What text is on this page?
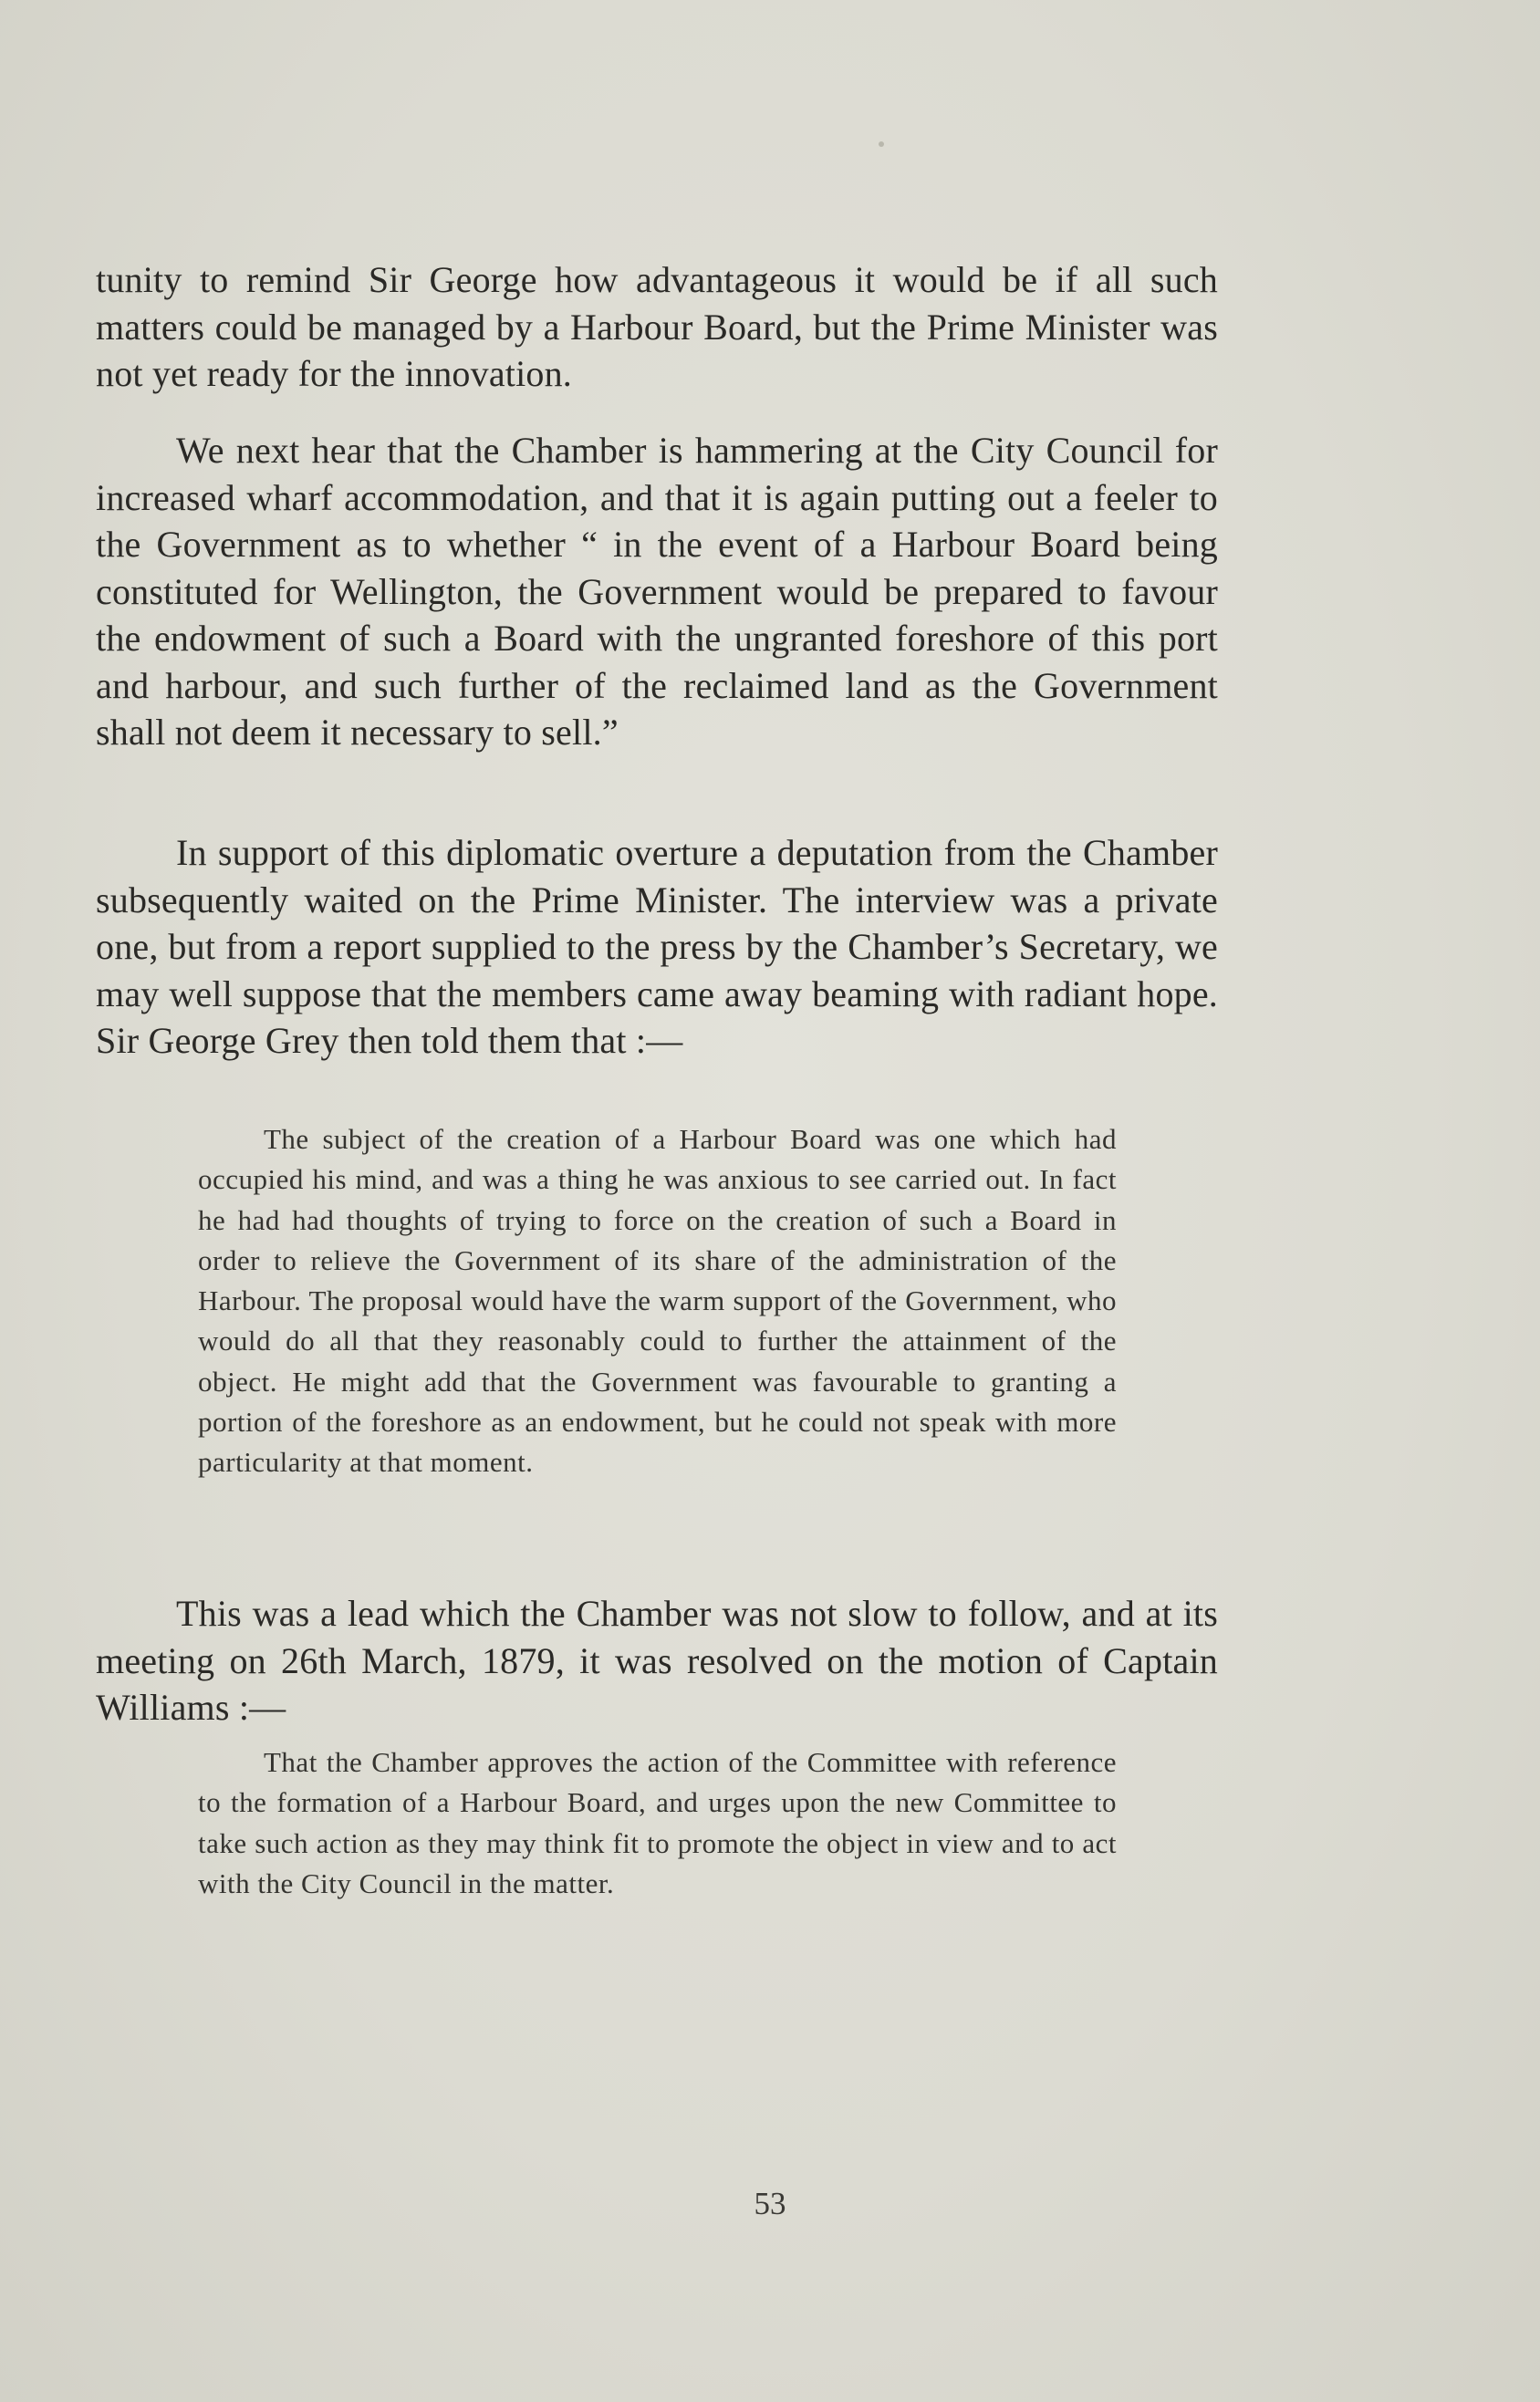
tunity to remind Sir George how advantageous it would be if all such matters could be managed by a Harbour Board, but the Prime Minister was not yet ready for the innovation.

We next hear that the Chamber is hammering at the City Council for increased wharf accommodation, and that it is again putting out a feeler to the Government as to whether “ in the event of a Harbour Board being constituted for Wellington, the Government would be prepared to favour the endowment of such a Board with the ungranted foreshore of this port and harbour, and such further of the reclaimed land as the Government shall not deem it necessary to sell.”

In support of this diplomatic overture a deputation from the Chamber subsequently waited on the Prime Minister. The interview was a private one, but from a report supplied to the press by the Chamber’s Secretary, we may well suppose that the members came away beaming with radiant hope. Sir George Grey then told them that :—

The subject of the creation of a Harbour Board was one which had occupied his mind, and was a thing he was anxious to see carried out. In fact he had had thoughts of trying to force on the creation of such a Board in order to relieve the Government of its share of the administration of the Harbour. The proposal would have the warm support of the Government, who would do all that they reasonably could to further the attainment of the object. He might add that the Government was favourable to granting a portion of the foreshore as an endowment, but he could not speak with more particularity at that moment.

This was a lead which the Chamber was not slow to follow, and at its meeting on 26th March, 1879, it was resolved on the motion of Captain Williams :—

That the Chamber approves the action of the Committee with reference to the formation of a Harbour Board, and urges upon the new Committee to take such action as they may think fit to promote the object in view and to act with the City Council in the matter.

53
